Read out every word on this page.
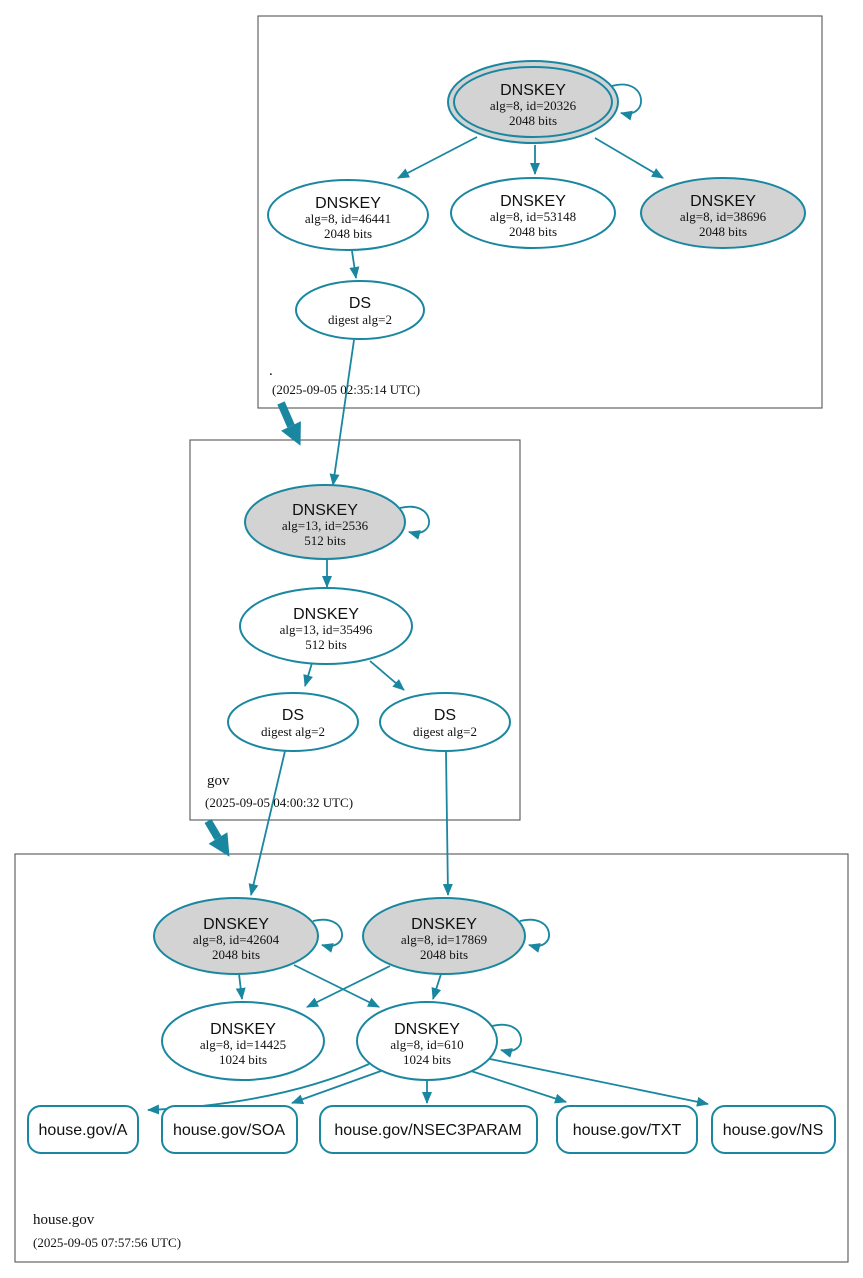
DNSKEY
alg=8, id=20326
2048 bits
DNSKEY
alg=8, id=46441
2048 bits
DNSKEY
alg=8, id=53148
2048 bits
DNSKEY
alg=8, id=38696
2048 bits
DS
digest alg=2
.
(2025-09-05 02:35:14 UTC)
DNSKEY
alg=13, id=2536
512 bits
DNSKEY
alg=13, id=35496
512 bits
DS
digest alg=2
DS
digest alg=2
gov
(2025-09-05 04:00:32 UTC)
DNSKEY
alg=8, id=42604
2048 bits
DNSKEY
alg=8, id=17869
2048 bits
DNSKEY
alg=8, id=14425
1024 bits
DNSKEY
alg=8, id=610
1024 bits
house.gov/A	house.gov/SOA	house.gov/NSEC3PARAM	house.gov/TXT	house.gov/NS
house.gov
(2025-09-05 07:57:56 UTC)
